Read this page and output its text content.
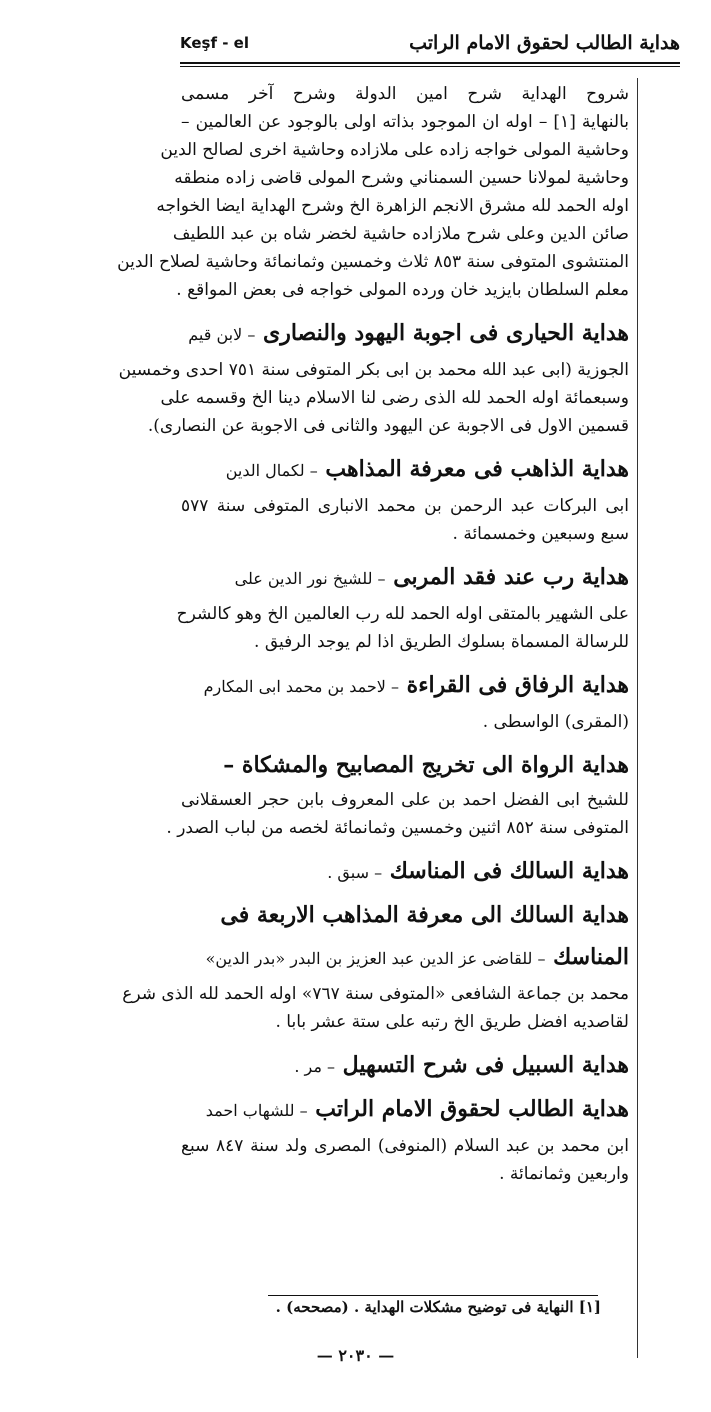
هداية الطالب لحقوق الامام الراتب
Keşf - el
شروح الهداية شرح امين الدولة وشرح آخر مسمى
بالنهاية [١] – اوله ان الموجود بذاته اولى بالوجود عن العالمين –
وحاشية المولى خواجه زاده على ملازاده وحاشية اخرى لصالح الدين
وحاشية لمولانا حسين السمناني وشرح المولى قاضى زاده منطقه
اوله الحمد لله مشرق الانجم الزاهرة الخ وشرح الهداية ايضا الخواجه
صائن الدين وعلى شرح ملازاده حاشية لخضر شاه بن عبد اللطيف
المنتشوى المتوفى سنة ٨٥٣ ثلاث وخمسين وثمانمائة وحاشية لصلاح الدين
معلم السلطان بايزيد خان ورده المولى خواجه فى بعض المواقع .
هداية الحيارى فى اجوبة اليهود والنصارى – لابن قيم
الجوزية (ابى عبد الله محمد بن ابى بكر المتوفى سنة ٧٥١ احدى وخمسين
وسبعمائة اوله الحمد لله الذى رضى لنا الاسلام دينا الخ وقسمه على
قسمين الاول فى الاجوبة عن اليهود والثانى فى الاجوبة عن النصارى).
هداية الذاهب فى معرفة المذاهب – لكمال الدين
ابى البركات عبد الرحمن بن محمد الانبارى المتوفى سنة ٥٧٧
سبع وسبعين وخمسمائة .
هداية رب عند فقد المربى – للشيخ نور الدين على
على الشهير بالمتقى اوله الحمد لله رب العالمين الخ وهو كالشرح
للرسالة المسماة بسلوك الطريق اذا لم يوجد الرفيق .
هداية الرفاق فى القراءة – لاحمد بن محمد ابى المكارم
(المقرى) الواسطى .
هداية الرواة الى تخريج المصابيح والمشكاة –
للشيخ ابى الفضل احمد بن على المعروف بابن حجر العسقلانى
المتوفى سنة ٨٥٢ اثنين وخمسين وثمانمائة لخصه من لباب الصدر .
هداية السالك فى المناسك – سبق .
هداية السالك الى معرفة المذاهب الاربعة فى
المناسك – للقاضى عز الدين عبد العزيز بن البدر «بدر الدين»
محمد بن جماعة الشافعى «المتوفى سنة ٧٦٧» اوله الحمد لله الذى شرع
لقاصديه افضل طريق الخ رتبه على ستة عشر بابا .
هداية السبيل فى شرح التسهيل – مر .
هداية الطالب لحقوق الامام الراتب – للشهاب احمد
ابن محمد بن عبد السلام (المنوفى) المصرى ولد سنة ٨٤٧ سبع
واربعين وثمانمائة .
[١] النهاية فى توضيح مشكلات الهداية . (مصححه) .
— ٢٠٣٠ —
